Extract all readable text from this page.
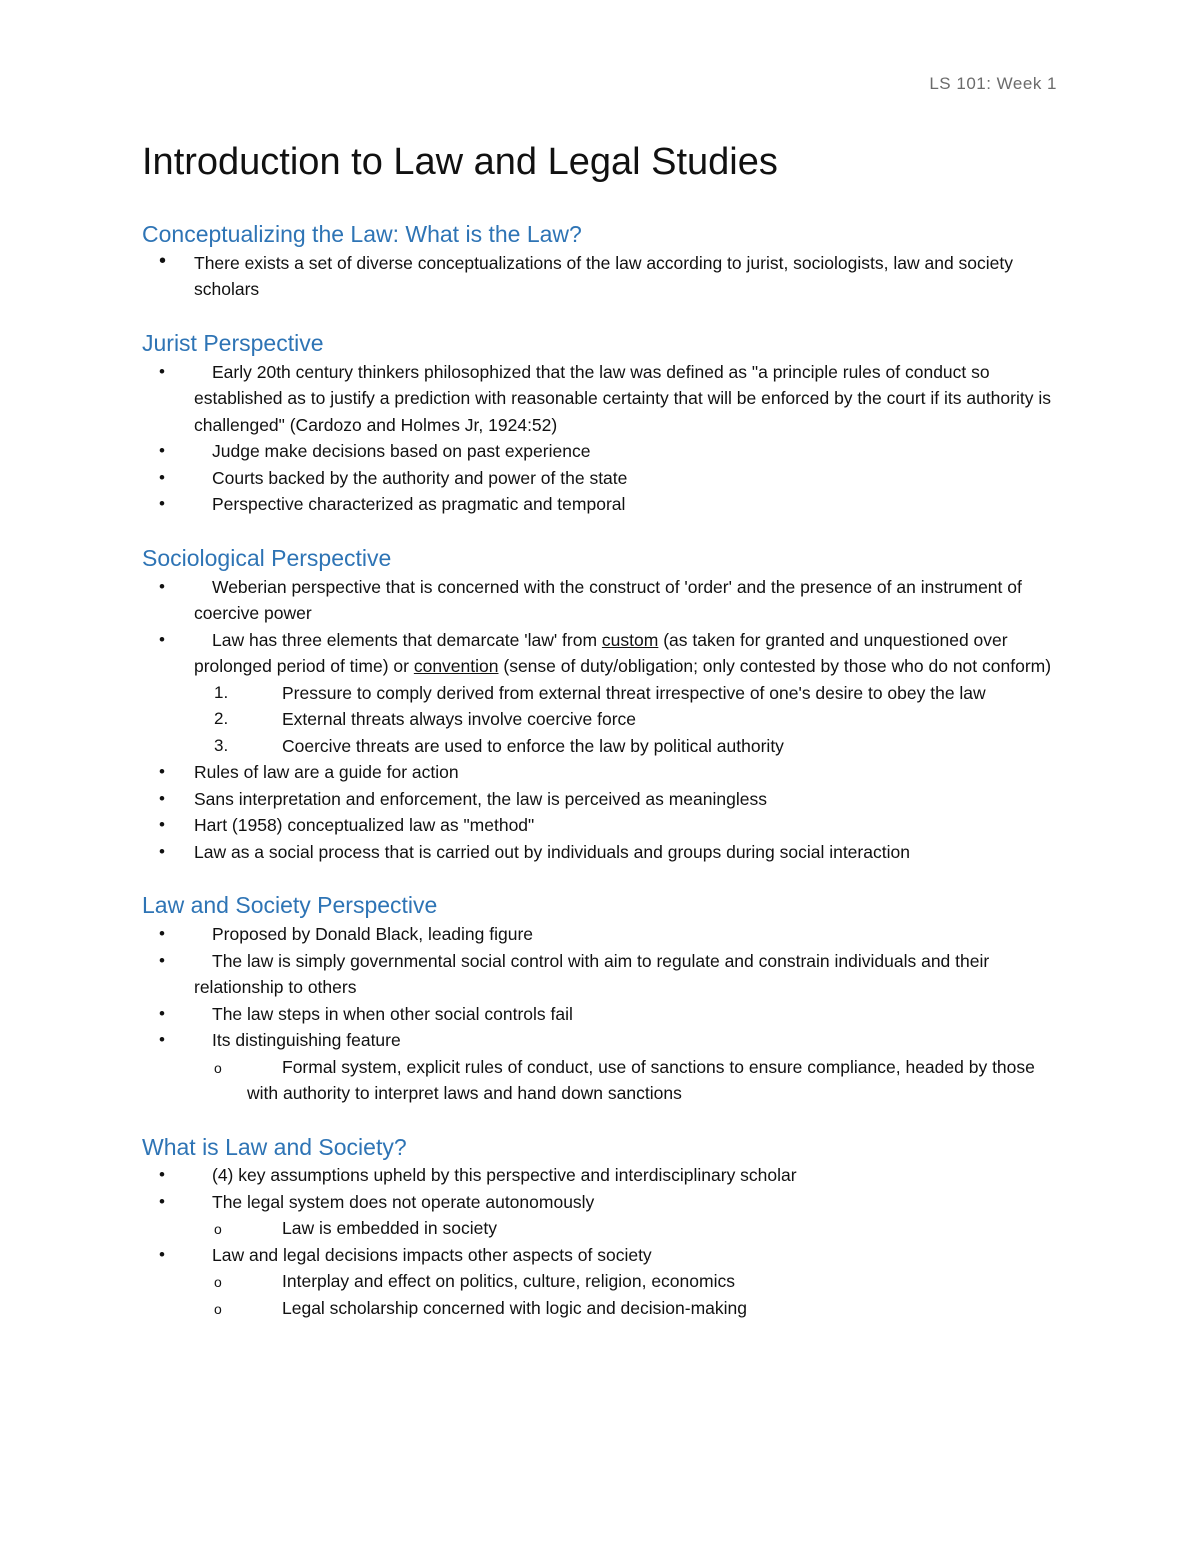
LS 101: Week 1
Introduction to Law and Legal Studies
Conceptualizing the Law: What is the Law?
• There exists a set of diverse conceptualizations of the law according to jurist, sociologists, law and society scholars
Jurist Perspective
•	Early 20th century thinkers philosophized that the law was defined as "a principle rules of conduct so established as to justify a prediction with reasonable certainty that will be enforced by the court if its authority is challenged" (Cardozo and Holmes Jr, 1924:52)
•	Judge make decisions based on past experience
•	Courts backed by the authority and power of the state
•	Perspective characterized as pragmatic and temporal
Sociological Perspective
•	Weberian perspective that is concerned with the construct of 'order' and the presence of an instrument of coercive power
•	Law has three elements that demarcate 'law' from custom (as taken for granted and unquestioned over prolonged period of time) or convention (sense of duty/obligation; only contested by those who do not conform)
1.	Pressure to comply derived from external threat irrespective of one's desire to obey the law
2.	External threats always involve coercive force
3.	Coercive threats are used to enforce the law by political authority
• Rules of law are a guide for action
• Sans interpretation and enforcement, the law is perceived as meaningless
• Hart (1958) conceptualized law as "method"
• Law as a social process that is carried out by individuals and groups during social interaction
Law and Society Perspective
•	Proposed by Donald Black, leading figure
•	The law is simply governmental social control with aim to regulate and constrain individuals and their relationship to others
•	The law steps in when other social controls fail
•	Its distinguishing feature
o	Formal system, explicit rules of conduct, use of sanctions to ensure compliance, headed by those with authority to interpret laws and hand down sanctions
What is Law and Society?
•	(4) key assumptions upheld by this perspective and interdisciplinary scholar
•	The legal system does not operate autonomously
o	Law is embedded in society
•	Law and legal decisions impacts other aspects of society
o	Interplay and effect on politics, culture, religion, economics
o	Legal scholarship concerned with logic and decision-making
